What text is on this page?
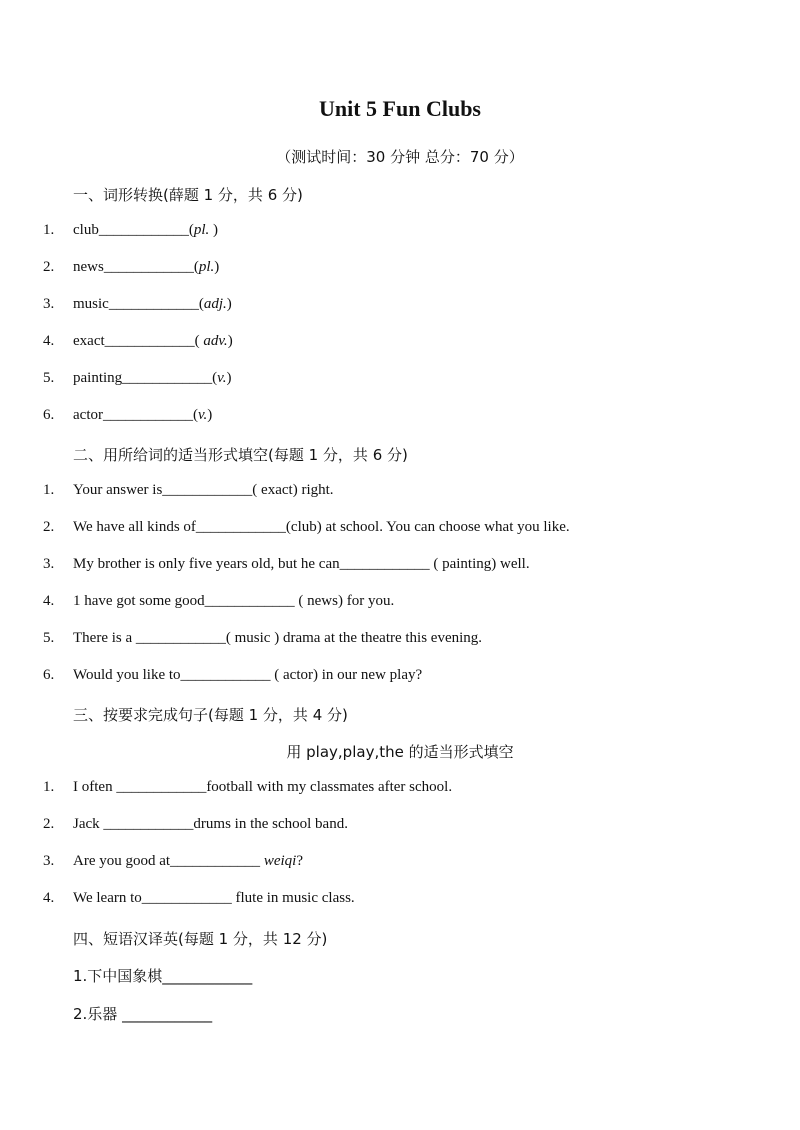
Unit 5 Fun Clubs
（测试时间：30 分钟 总分：70 分）
一、词形转换(薛题 1 分，共 6 分)
1. club____________(pl. )
2. news____________(pl.)
3. music____________(adj.)
4. exact____________( adv.)
5. painting____________(v.)
6. actor____________(v.)
二、用所给词的适当形式填空(每题 1 分，共 6 分)
1. Your answer is____________( exact) right.
2. We have all kinds of____________(club) at school. You can choose what you like.
3. My brother is only five years old, but he can____________ ( painting) well.
4. 1 have got some good____________ ( news) for you.
5. There is a ____________( music ) drama at the theatre this evening.
6. Would you like to____________ ( actor) in our new play?
三、按要求完成句子(每题 1 分，共 4 分)
用 play,play,the 的适当形式填空
1. I often ____________football with my classmates after school.
2. Jack ____________drums in the school band.
3. Are you good at____________ weiqi?
4. We learn to____________ flute in music class.
四、短语汉译英(每题 1 分，共 12 分)
1.下中国象棋____________
2.乐器 ____________
